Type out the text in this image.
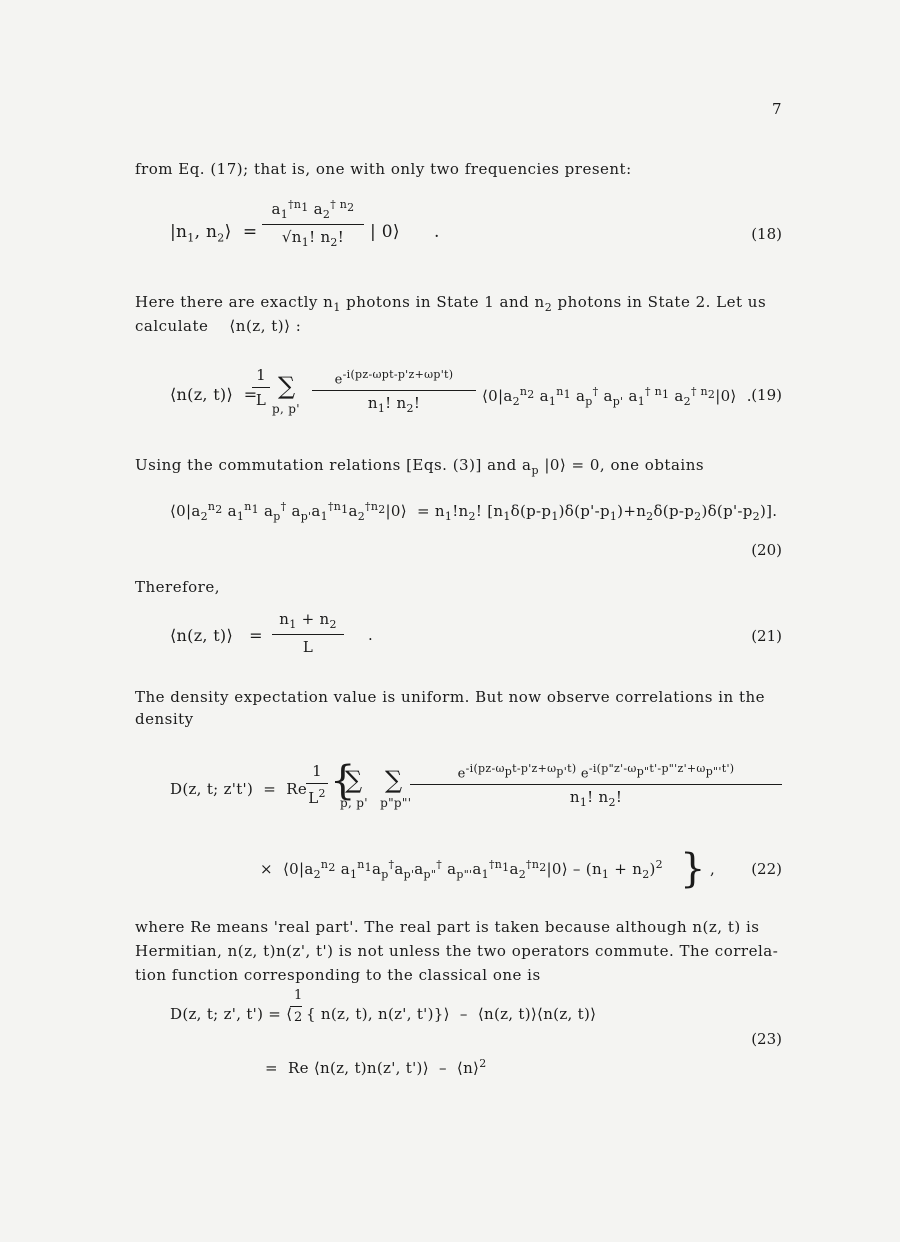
7
from Eq. (17); that is, one with only two frequencies present:
$|n_1$, $n_2⟩$  =
$a_1^{\dagger n_1}$ $a_2^{\dagger n_2}$
$√n_1$! $n_2$!	| 0⟩      .	(18)
Here there are exactly $n_1$ photons in State 1 and $n_2$ photons in State 2. Let us
calculate    ⟨n(z, t)⟩ :
⟨n(z, t)⟩  =
1
L ∑
p, p'
$e^{-i(pz-\omega pt-p'z+\omega p't)}$
$n_1$! $n_2$!	$⟨0|a_2^{n_2}$ $a_1^{n_1}$ $a_p^\dagger$ $a_{p'}$ $a_1^{\dagger n_1}$ $a_2^{\dagger n_2}|0⟩$  . (19)
Using the commutation relations [Eqs. (3)] and $a_p$ |0⟩ = 0, one obtains
$⟨0|a_2^{n_2}$ $a_1^{n_1}$ $a_p^\dagger$ $a_{p'}a_1^{\dagger n_1}a_2^{\dagger n_2}|0⟩ = n_1!n_2$! $[n_1\delta(p-p_1)\delta(p'-p_1)+n_2\delta(p-p_2)\delta(p'-p_2)]$.
(20)
Therefore,
⟨n(z, t)⟩   =
$n_1 + n_2$
L
.	(21)
The density expectation value is uniform. But now observe correlations in the
density
D(z, t; z't')  =  Re
1
$L^2$ {
∑   ∑
p, p'   p"p"'
$e^{-i(pz-\omega_pt-p'z+\omega_{p'}t)}$ $e^{-i(p"z'-\omega_{p"}t'-p"'z'+\omega_{p"'}t')}$
$n_1$! $n_2$!
×  $⟨0|a_2^{n_2}$ $a_1^{n_1}a_p^\dagger a_{p'}a_{p"}^\dagger$ $a_{p"'}a_1^{\dagger n_1}a_2^{\dagger n_2}|0⟩ - (n_1 + n_2)^2$ } , (22)
where Re means 'real part'. The real part is taken because although n(z, t) is
Hermitian, n(z, t)n(z', t') is not unless the two operators commute. The correla-
tion function corresponding to the classical one is
D(z, t; z', t') = ⟨
1
2 { n(z, t), n(z', t')}⟩  –  ⟨n(z, t)⟩⟨n(z, t)⟩
(23)
=  Re ⟨n(z, t)n(z', t')⟩  –  ⟨n⟩$^2$
